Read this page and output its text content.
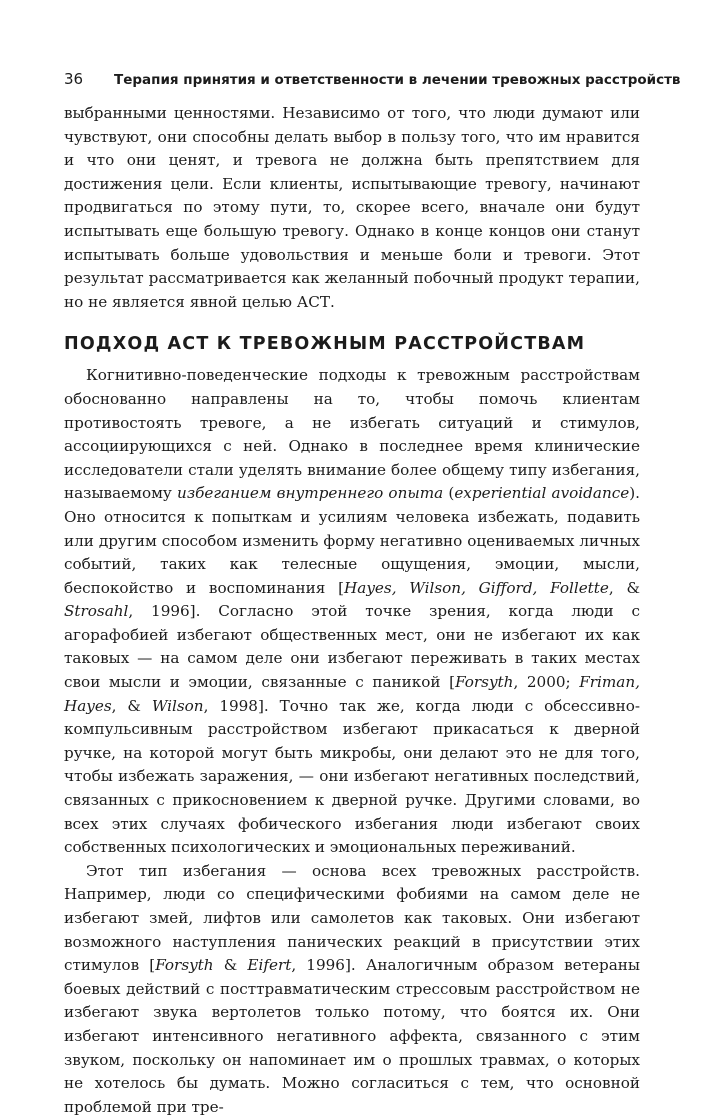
36 Терапия принятия и ответственности в лечении тревожных расстройств

выбранными ценностями. Независимо от того, что люди думают или чувствуют, они способны делать выбор в пользу того, что им нравится и что они ценят, и тревога не должна быть препятствием для достижения цели. Если клиенты, испытывающие тревогу, начинают продвигаться по этому пути, то, скорее всего, вначале они будут испытывать еще большую тревогу. Однако в конце концов они станут испытывать больше удовольствия и меньше боли и тревоги. Этот результат рассматривается как желанный побочный продукт терапии, но не является явной целью АСТ.

ПОДХОД АСТ К ТРЕВОЖНЫМ РАССТРОЙСТВАМ

Когнитивно-поведенческие подходы к тревожным расстройствам обоснованно направлены на то, чтобы помочь клиентам противостоять тревоге, а не избегать ситуаций и стимулов, ассоциирующихся с ней. Однако в последнее время клинические исследователи стали уделять внимание более общему типу избегания, называемому избеганием внутреннего опыта (experiential avoidance). Оно относится к попыткам и усилиям человека избежать, подавить или другим способом изменить форму негативно оцениваемых личных событий, таких как телесные ощущения, эмоции, мысли, беспокойство и воспоминания [Hayes, Wilson, Gifford, Follette, & Strosahl, 1996]. Согласно этой точке зрения, когда люди с агорафобией избегают общественных мест, они не избегают их как таковых — на самом деле они избегают переживать в таких местах свои мысли и эмоции, связанные с паникой [Forsyth, 2000; Friman, Hayes, & Wilson, 1998]. Точно так же, когда люди с обсессивно-компульсивным расстройством избегают прикасаться к дверной ручке, на которой могут быть микробы, они делают это не для того, чтобы избежать заражения, — они избегают негативных последствий, связанных с прикосновением к дверной ручке. Другими словами, во всех этих случаях фобического избегания люди избегают своих собственных психологических и эмоциональных переживаний.

Этот тип избегания — основа всех тревожных расстройств. Например, люди со специфическими фобиями на самом деле не избегают змей, лифтов или самолетов как таковых. Они избегают возможного наступления панических реакций в присутствии этих стимулов [Forsyth & Eifert, 1996]. Аналогичным образом ветераны боевых действий с посттравматическим стрессовым расстройством не избегают звука вертолетов только потому, что боятся их. Они избегают интенсивного негативного аффекта, связанного с этим звуком, поскольку он напоминает им о прошлых травмах, о которых не хотелось бы думать. Можно согласиться с тем, что основной проблемой при тре-
